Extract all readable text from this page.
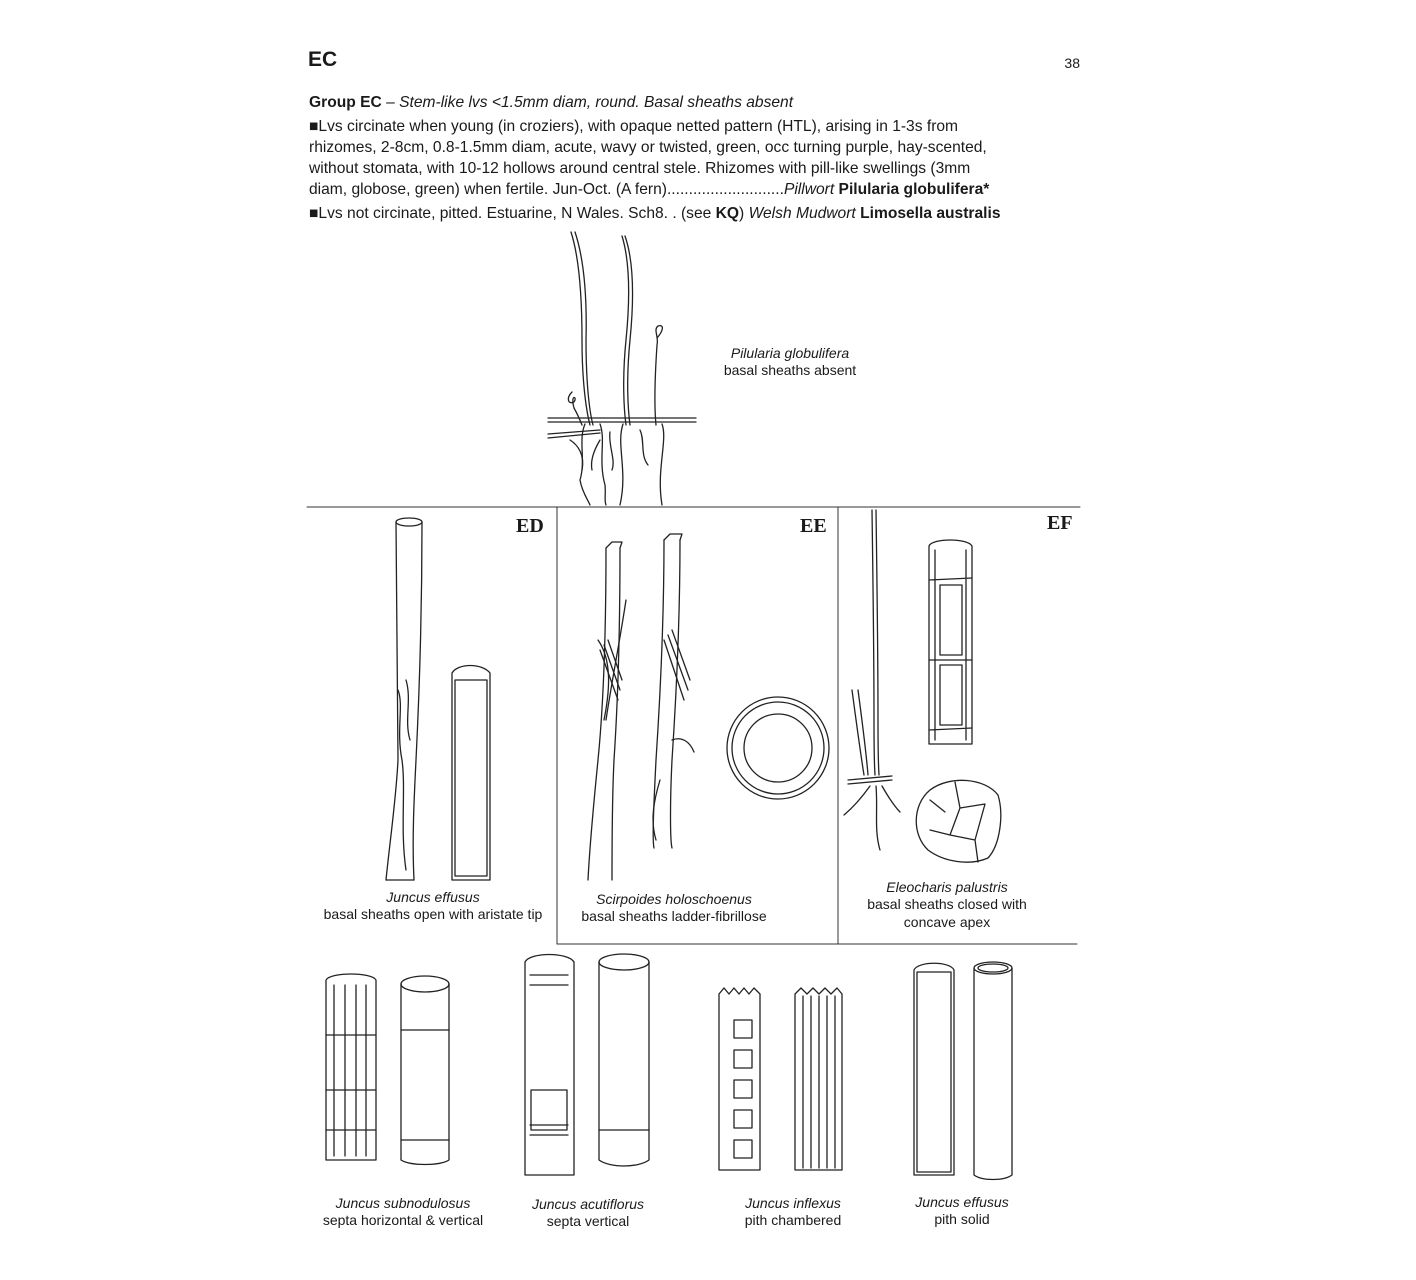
EC	38
Group EC – Stem-like lvs <1.5mm diam, round. Basal sheaths absent
■Lvs circinate when young (in croziers), with opaque netted pattern (HTL), arising in 1-3s from
rhizomes, 2-8cm, 0.8-1.5mm diam, acute, wavy or twisted, green, occ turning purple, hay-scented,
without stomata, with 10-12 hollows around central stele. Rhizomes with pill-like swellings (3mm
diam, globose, green) when fertile. Jun-Oct. (A fern)...........................Pillwort Pilularia globulifera*
■Lvs not circinate, pitted. Estuarine, N Wales. Sch8. . (see KQ) Welsh Mudwort Limosella australis
Pilularia globulifera
basal sheaths absent
ED	EE	EF
Juncus effusus
basal sheaths open with aristate tip
Scirpoides holoschoenus
basal sheaths ladder-fibrillose
Eleocharis palustris
basal sheaths closed with
concave apex
Juncus subnodulosus
septa horizontal & vertical
Juncus acutiflorus
septa vertical
Juncus inflexus
pith chambered
Juncus effusus
pith solid
